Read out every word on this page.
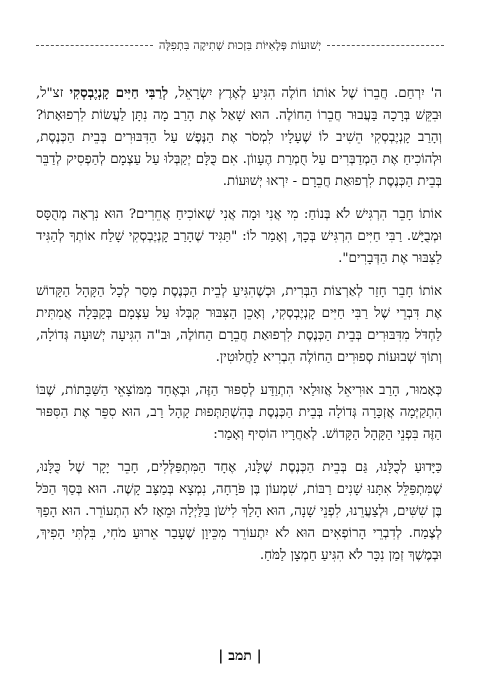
יְשׁוּעוֹת פְּלָאִיּוֹת בִּזְכוּת שְׁתִיקָה בִּתְפִלָּה

ה' יִרְחַם. חֲבֵרוֹ שֶׁל אוֹתוֹ חוֹלֶה הִגִּיעַ לְאֶרֶץ יִשְׂרָאֵל, לְרַבִּי חַיִּים קָנְיֶבְסְקִי זצ"ל, וּבִקֵּשׁ בְּרָכָה בַּעֲבוּר חֲבֵרוֹ הַחוֹלֶה. הוּא שָׁאַל אֶת הָרַב מָה נִתָּן לַעֲשׂוֹת לִרְפוּאָתוֹ? וְהָרַב קָנְיֶבְסְקִי הֵשִׁיב לוֹ שֶׁעָלָיו לִמְסֹר אֶת הַנֶּפֶשׁ עַל הַדִּבּוּרִים בְּבֵית הַכְּנֶסֶת, וּלְהוֹכִיחַ אֶת הַמְדַבְּרִים עַל חֻמְרַת הֶעָווֹן. אִם כֻּלָּם יְקַבְּלוּ עַל עַצְמָם לְהַפְסִיק לְדַבֵּר בְּבֵית הַכְּנֶסֶת לִרְפוּאַת חֲבֵרָם - יִרְאוּ יְשׁוּעוֹת.

אוֹתוֹ חָבֵר הִרְגִּישׁ לֹא בְּנוֹחַ: מִי אֲנִי וּמָה אֲנִי שֶׁאוֹכִיחַ אֲחֵרִים? הוּא נִרְאָה מְהֻסָּס וּמְבֻיָּשׁ. רַבִּי חַיִּים הִרְגִּישׁ בְּכָךְ, וְאָמַר לוֹ: "תַּגִּיד שֶׁהָרַב קָנְיֶבְסְקִי שָׁלַח אוֹתְךָ לְהַגִּיד לַצִּבּוּר אֶת הַדְּבָרִים".

אוֹתוֹ חָבֵר חָזַר לְאַרְצוֹת הַבְּרִית, וּכְשֶׁהִגִּיעַ לְבֵית הַכְּנֶסֶת מָסַר לְכָל הַקָּהָל הַקָּדוֹשׁ אֶת דִּבְרֵי שֶׁל רַבִּי חַיִּים קָנְיֶבְסְקִי, וְאָכֵן הַצִּבּוּר קִבְּלוּ עַל עַצְמָם בְּקַבָּלָה אֲמִתִּית לַחְדֹּל מִדִּבּוּרִים בְּבֵית הַכְּנֶסֶת לִרְפוּאַת חֲבֵרָם הַחוֹלֶה, וּב"ה הִגִּיעָה יְשׁוּעָה גְּדוֹלָה, וְתוֹךְ שְׁבוּעוֹת סְפוּרִים הַחוֹלֶה הִבְרִיא לַחֲלוּטִין.

כְּאָמוּר, הָרַב אוּרִיאֵל אֲזוּלַאי הִתְוַדַּע לְסִפּוּר הַזֶּה, וּבְאֶחָד מִמּוֹצָאֵי הַשַּׁבָּתוֹת, שֶׁבּוֹ הִתְקַיְּמָה אֲזְכָּרָה גְּדוֹלָה בְּבֵית הַכְּנֶסֶת בְּהִשְׁתַּתְּפוּת קָהָל רַב, הוּא סִפֵּר אֶת הַסִּפּוּר הַזֶּה בִּפְנֵי הַקָּהָל הַקָּדוֹשׁ. לְאַחֲרָיו הוֹסִיף וְאָמַר:

כַּיָּדוּעַ לְכֻלָּנוּ, גַּם בְּבֵית הַכְּנֶסֶת שֶׁלָּנוּ, אֶחָד הַמִּתְפַּלְּלִים, חָבֵר יָקָר שֶׁל כֻּלָּנוּ, שֶׁמִּתְפַּלֵּל אִתָּנוּ שָׁנִים רַבּוֹת, שִׁמְעוֹן בֶּן פֹּרָחָה, נִמְצָא בְּמַצָּב קָשֶׁה. הוּא בְּסַךְ הַכֹּל בֶּן שִׁשִּׁים, וּלְצַעֲרֵנוּ, לִפְנֵי שָׁנָה, הוּא הָלַךְ לִישֹׁן בַּלַּיְלָה וּמֵאָז לֹא הִתְעוֹרֵר. הוּא הָפַךְ לְצֶמַח. לְדִבְרֵי הָרוֹפְאִים הוּא לֹא יִתְעוֹרֵר מִכֵּיוָן שֶׁעָבַר אֵרוּעַ מֹחִי, בִּלְתִּי הָפִיךְ, וּבְמֶשֶׁךְ זְמַן נִכָּר לֹא הִגִּיעַ חַמְצָן לַמֹּחַ.

| תמב |
